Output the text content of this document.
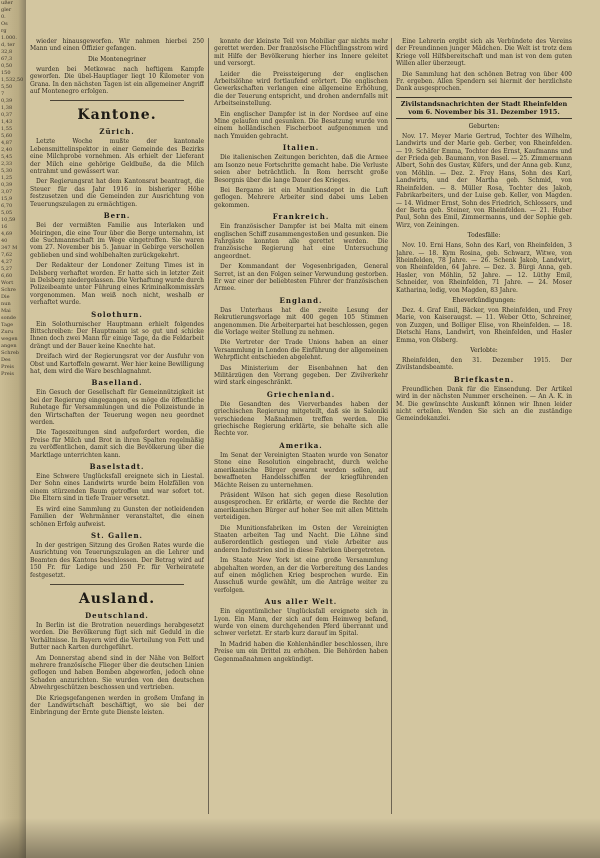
ußer
gler
0.
Os
rg
1.000.
d, ter
32,8
67,3
0,50
150
1,532,50
5,50
7
0,39
1,38
0,37
1,43
1,55
5,60
4,87
2,40
5,45
2,33
5,30
1,25
0,39
3,07
15,9
6,70
5,05
10,59
16
4,69
40
347 M
7,62
4,27
5,27
6,60
Wort
Schre
Die
nun
Mai
sonde
Tage
Zuru
wegen
angen
Schreb
Des
Preis
Preis

wieder hinausgeworfen. Wir nahmen hierbei 250 Mann und einen Offizier gefangen.

Die Montenegriner

wurden bei Metkowac nach heftigem Kampfe geworfen. Die übel-Hauptlager liegt 10 Kilometer von Grana. In den nächsten Tagen ist ein allgemeiner Angriff auf Montenegro erfolgen.

Kantone.
Zürich.

Letzte Woche mußte der kantonale Lebensmittelinspektor in einer Gemeinde des Bezirks eine Milchprobe vornehmen. Als erhielt der Lieferant der Milch eine gehörige Geldbuße, da die Milch entrahmt und gewässert war.

Der Regierungsrat hat dem Kantonsrat beantragt, die Steuer für das Jahr 1916 in bisheriger Höhe festzusetzen und die Gemeinden zur Ausrichtung von Teuerungszulagen zu ermächtigen.

Bern.

Bei der vermißten Familie aus Interlaken und Meiringen, die eine Tour über die Berge unternahm, ist die Suchmannschaft im Wege eingetroffen. Sie waren vom 27. November bis 5. Januar in Gebirge verschollen geblieben und sind wohlbehalten zurückgekehrt.

Der Redakteur der Londoner Zeitung Times ist in Delsberg verhaftet worden. Er hatte sich in letzter Zeit in Delsberg niedergelassen. Die Verhaftung wurde durch Polizeibeamte unter Führung eines Kriminalkommissärs vorgenommen. Man weiß noch nicht, weshalb er verhaftet wurde.

Solothurn.

Ein Solothurnischer Hauptmann erhielt folgendes Bittschreiben: Der Hauptmann ist so gut und schicke Ihnen doch zwei Mann für einige Tage, da die Feldarbeit drängt und der Bauer keine Knechte hat.

Dreifach wird der Regierungsrat vor der Ausfuhr von Obst und Kartoffeln gewarnt. Wer hier keine Bewilligung hat, dem wird die Ware beschlagnahmt.

Baselland.

Ein Gesuch der Gesellschaft für Gemeinnützigkeit ist bei der Regierung eingegangen, es möge die öffentliche Ruhetage für Versammlungen und die Polizeistunde in den Wirtschaften der Teuerung wegen neu geordnet werden.

Die Tageszeitungen sind aufgefordert worden, die Preise für Milch und Brot in ihren Spalten regelmäßig zu veröffentlichen, damit sich die Bevölkerung über die Marktlage unterrichten kann.

Baselstadt.

Eine Schwere Unglücksfall ereignete sich in Liestal. Der Sohn eines Landwirts wurde beim Holzfällen von einem stürzenden Baum getroffen und war sofort tot. Die Eltern sind in tiefe Trauer versetzt.

Es wird eine Sammlung zu Gunsten der notleidenden Familien der Wehrmänner veranstaltet, die einen schönen Erfolg aufweist.

St. Gallen.

In der gestrigen Sitzung des Großen Rates wurde die Ausrichtung von Teuerungszulagen an die Lehrer und Beamten des Kantons beschlossen. Der Betrag wird auf 150 Fr. für Ledige und 250 Fr. für Verheiratete festgesetzt.

Ausland.
Deutschland.

In Berlin ist die Brotration neuerdings herabgesetzt worden. Die Bevölkerung fügt sich mit Geduld in die Verhältnisse. In Bayern wird die Verteilung von Fett und Butter nach Karten durchgeführt.

Am Donnerstag abend sind in der Nähe von Belfort mehrere französische Flieger über die deutschen Linien geflogen und haben Bomben abgeworfen, jedoch ohne Schaden anzurichten. Sie wurden von den deutschen Abwehrgeschützen beschossen und vertrieben.

Die Kriegsgefangenen werden in großem Umfang in der Landwirtschaft beschäftigt, wo sie bei der Einbringung der Ernte gute Dienste leisten.

konnte der kleinste Teil von Mobiliar gar nichts mehr gerettet werden. Der französische Flüchtlingsstrom wird mit Hilfe der Bevölkerung hierher ins Innere geleitet und versorgt.

Leider die Preissteigerung der englischen Arbeitslöhne wird fortlaufend erörtert. Die englischen Gewerkschaften verlangen eine allgemeine Erhöhung, die der Teuerung entspricht, und drohen andernfalls mit Arbeitseinstellung.

Ein englischer Dampfer ist in der Nordsee auf eine Mine gelaufen und gesunken. Die Besatzung wurde von einem holländischen Fischerboot aufgenommen und nach Ymuiden gebracht.

Italien.

Die italienischen Zeitungen berichten, daß die Armee am Isonzo neue Fortschritte gemacht habe. Die Verluste seien aber beträchtlich. In Rom herrscht große Besorgnis über die lange Dauer des Krieges.

Bei Bergamo ist ein Munitionsdepot in die Luft geflogen. Mehrere Arbeiter sind dabei ums Leben gekommen.

Frankreich.

Ein französischer Dampfer ist bei Malta mit einem englischen Schiff zusammengestoßen und gesunken. Die Fahrgäste konnten alle gerettet werden. Die französische Regierung hat eine Untersuchung angeordnet.

Der Kommandant der Vogesenbrigaden, General Serret, ist an den Folgen seiner Verwundung gestorben. Er war einer der beliebtesten Führer der französischen Armee.

England.

Das Unterhaus hat die zweite Lesung der Rekrutierungsvorlage mit 400 gegen 105 Stimmen angenommen. Die Arbeiterpartei hat beschlossen, gegen die Vorlage weiter Stellung zu nehmen.

Die Vertreter der Trade Unions haben an einer Versammlung in London die Einführung der allgemeinen Wehrpflicht entschieden abgelehnt.

Das Ministerium der Eisenbahnen hat den Militärzügen den Vorrang gegeben. Der Zivilverkehr wird stark eingeschränkt.

Griechenland.

Die Gesandten des Vierverbandes haben der griechischen Regierung mitgeteilt, daß sie in Saloniki verschiedene Maßnahmen treffen werden. Die griechische Regierung erklärte, sie behalte sich alle Rechte vor.

Amerika.

Im Senat der Vereinigten Staaten wurde von Senator Stone eine Resolution eingebracht, durch welche amerikanische Bürger gewarnt werden sollen, auf bewaffneten Handelsschiffen der kriegführenden Mächte Reisen zu unternehmen.

Präsident Wilson hat sich gegen diese Resolution ausgesprochen. Er erklärte, er werde die Rechte der amerikanischen Bürger auf hoher See mit allen Mitteln verteidigen.

Die Munitionsfabriken im Osten der Vereinigten Staaten arbeiten Tag und Nacht. Die Löhne sind außerordentlich gestiegen und viele Arbeiter aus anderen Industrien sind in diese Fabriken übergetreten.

Im Staate New York ist eine große Versammlung abgehalten worden, an der die Vorbereitung des Landes auf einen möglichen Krieg besprochen wurde. Ein Ausschuß wurde gewählt, um die Anträge weiter zu verfolgen.

Aus aller Welt.

Ein eigentümlicher Unglücksfall ereignete sich in Lyon. Ein Mann, der sich auf dem Heimweg befand, wurde von einem durchgehenden Pferd überrannt und schwer verletzt. Er starb kurz darauf im Spital.

In Madrid haben die Kohlenhändler beschlossen, ihre Preise um ein Drittel zu erhöhen. Die Behörden haben Gegenmaßnahmen angekündigt.

Eine Lehrerin ergibt sich als Verbündete des Vereins der Freundinnen junger Mädchen. Die Welt ist trotz dem Kriege voll Hilfsbereitschaft und man ist von dem guten Willen aller überzeugt.

Die Sammlung hat den schönen Betrag von über 400 Fr. ergeben. Allen Spendern sei hiermit der herzlichste Dank ausgesprochen.

Zivilstandsnachrichten der Stadt Rheinfelden vom 6. November bis 31. Dezember 1915.
Geburten:

Nov. 17. Meyer Marie Gertrud, Tochter des Wilhelm, Landwirts und der Marie geb. Gerber, von Rheinfelden. — 19. Schäfer Emma, Tochter des Ernst, Kaufmanns und der Frieda geb. Baumann, von Basel. — 25. Zimmermann Albert, Sohn des Gustav, Küfers, und der Anna geb. Kunz, von Möhlin. — Dez. 2. Frey Hans, Sohn des Karl, Landwirts, und der Martha geb. Schmid, von Rheinfelden. — 8. Müller Rosa, Tochter des Jakob, Fabrikarbeiters, und der Luise geb. Keller, von Magden. — 14. Widmer Ernst, Sohn des Friedrich, Schlossers, und der Berta geb. Steiner, von Rheinfelden. — 21. Huber Paul, Sohn des Emil, Zimmermanns, und der Sophie geb. Wirz, von Zeiningen.

Todesfälle:

Nov. 10. Erni Hans, Sohn des Karl, von Rheinfelden, 3 Jahre. — 18. Kym Rosina, geb. Schwarz, Witwe, von Rheinfelden, 78 Jahre. — 26. Schenk Jakob, Landwirt, von Rheinfelden, 64 Jahre. — Dez. 3. Bürgi Anna, geb. Hasler, von Möhlin, 52 Jahre. — 12. Lüthy Emil, Schneider, von Rheinfelden, 71 Jahre. — 24. Moser Katharina, ledig, von Magden, 83 Jahre.

Eheverkündigungen:

Dez. 4. Graf Emil, Bäcker, von Rheinfelden, und Frey Marie, von Kaiseraugst. — 11. Weber Otto, Schreiner, von Zuzgen, und Bolliger Elise, von Rheinfelden. — 18. Dietschi Hans, Landwirt, von Rheinfelden, und Hasler Emma, von Olsberg.

Verlobte:

Rheinfelden, den 31. Dezember 1915. Der Zivilstandsbeamte.

Briefkasten.

Freundlichen Dank für die Einsendung. Der Artikel wird in der nächsten Nummer erscheinen. — An A. K. in M. Die gewünschte Auskunft können wir Ihnen leider nicht erteilen. Wenden Sie sich an die zuständige Gemeindekanzlei.
